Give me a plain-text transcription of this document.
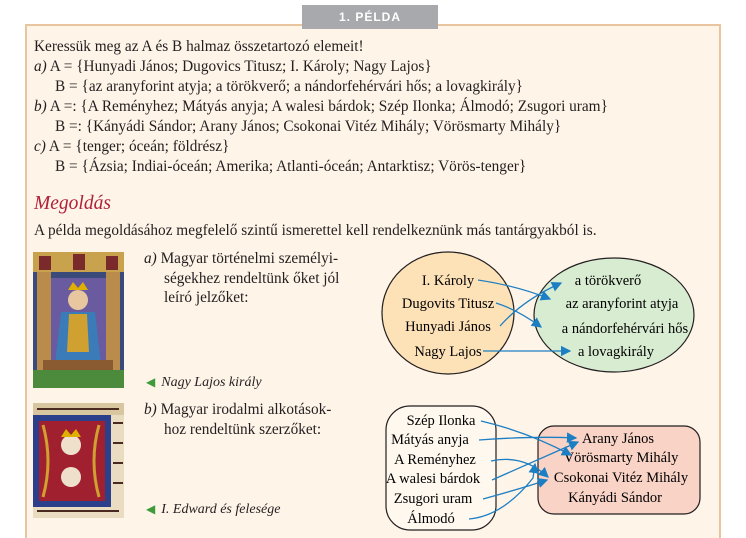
1. PÉLDA
Keressük meg az A és B halmaz összetartozó elemeit!
a) A = {Hunyadi János; Dugovics Titusz; I. Károly; Nagy Lajos}
B = {az aranyforint atyja; a törökverő; a nándorfehérvári hős; a lovagkirály}
b) A =: {A Reményhez; Mátyás anyja; A walesi bárdok; Szép Ilonka; Álmodó; Zsugori uram}
B =: {Kányádi Sándor; Arany János; Csokonai Vitéz Mihály; Vörösmarty Mihály}
c) A = {tenger; óceán; földrész}
B = {Ázsia; Indiai-óceán; Amerika; Atlanti-óceán; Antarktisz; Vörös-tenger}
Megoldás
A példa megoldásához megfelelő szintű ismerettel kell rendelkeznünk más tantárgyakból is.
◀ Nagy Lajos király
a) Magyar történelmi személyi-
ségekhez rendeltünk őket jól
leíró jelzőket:
◀ I. Edward és felesége
b) Magyar irodalmi alkotások-
hoz rendeltünk szerzőket:
I. Károly
Dugovits Titusz
Hunyadi János
Nagy Lajos
a törökverő
az aranyforint atyja
a nándorfehérvári hős
a lovagkirály
Szép Ilonka
Mátyás anyja
A Reményhez
A walesi bárdok
Zsugori uram
Álmodó
Arany János
Vörösmarty Mihály
Csokonai Vitéz Mihály
Kányádi Sándor
